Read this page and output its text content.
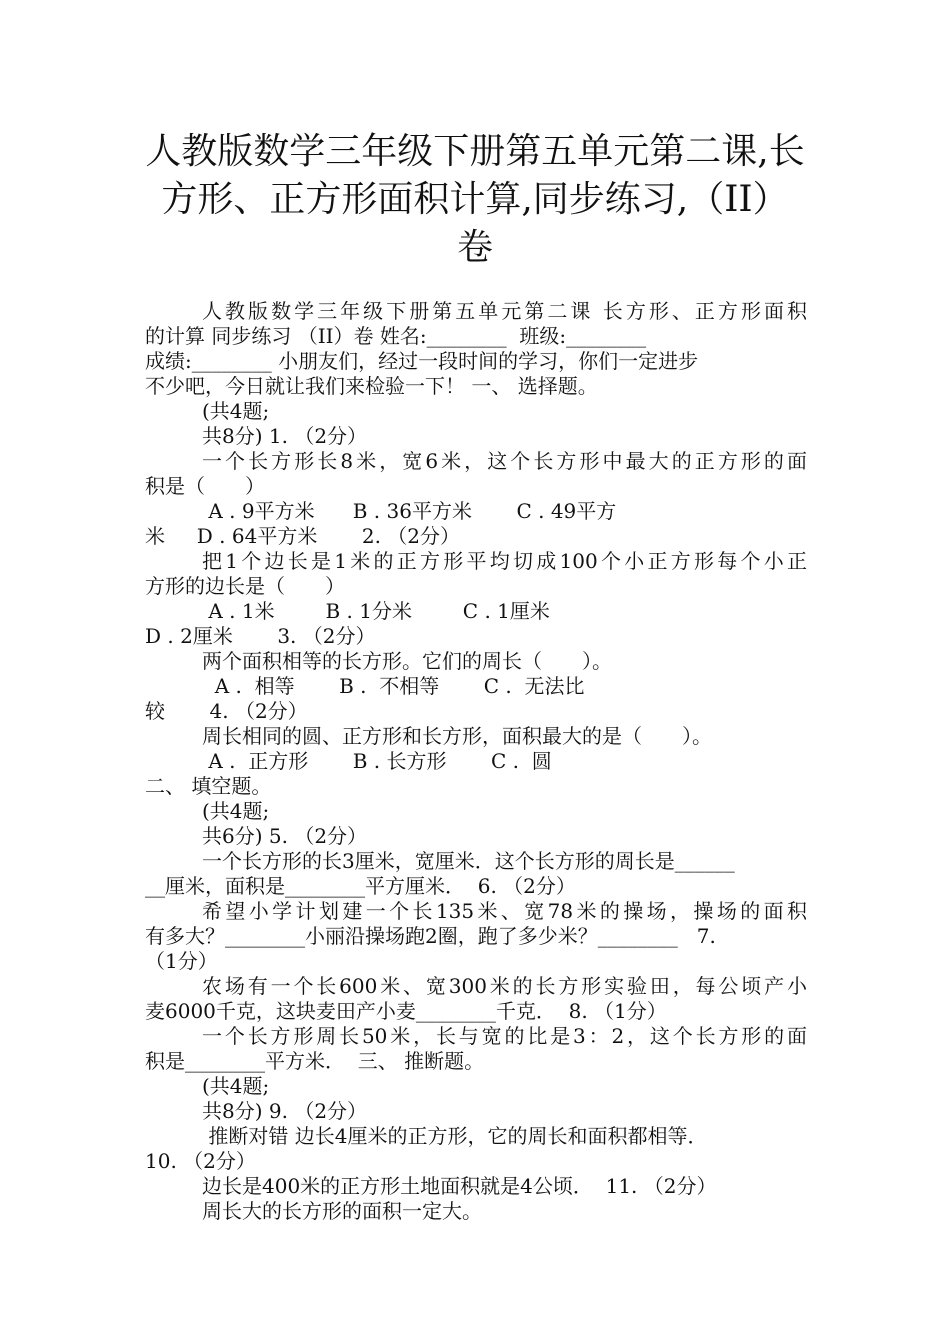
人教版数学三年级下册第五单元第二课,长
方形、正方形面积计算,同步练习,（II）
卷
人教版数学三年级下册第五单元第二课 长方形、正方形面积
的计算 同步练习 （II）卷 姓名:________  班级:________
成绩:________ 小朋友们，经过一段时间的学习，你们一定进步
不少吧，今日就让我们来检验一下！ 一、 选择题。
(共4题;
共8分) 1. （2分）
一个长方形长8米，宽6米，这个长方形中最大的正方形的面
积是（　　）
A . 9平方米      B . 36平方米       C . 49平方
米     D . 64平方米       2. （2分）
把1个边长是1米的正方形平均切成100个小正方形每个小正
方形的边长是（　　）
A . 1米        B . 1分米        C . 1厘米
D . 2厘米       3. （2分）
两个面积相等的长方形。它们的周长（　　）。
A .  相等       B .  不相等       C .  无法比
较       4. （2分）
周长相同的圆、正方形和长方形，面积最大的是（　　）。
A .  正方形       B . 长方形       C .  圆
二、 填空题。
(共4题;
共6分) 5. （2分）
一个长方形的长3厘米，宽厘米．这个长方形的周长是______
__厘米，面积是________平方厘米．  6. （2分）
希望小学计划建一个长135米、宽78米的操场，操场的面积
有多大？________小丽沿操场跑2圈，跑了多少米？________   7.
（1分）
农场有一个长600米、宽300米的长方形实验田，每公顷产小
麦6000千克，这块麦田产小麦________千克．  8. （1分）
一个长方形周长50米，长与宽的比是3：2，这个长方形的面
积是________平方米．  三、 推断题。
(共4题;
共8分) 9. （2分）
推断对错 边长4厘米的正方形，它的周长和面积都相等．
10. （2分）
边长是400米的正方形土地面积就是4公顷．  11. （2分）
周长大的长方形的面积一定大。
